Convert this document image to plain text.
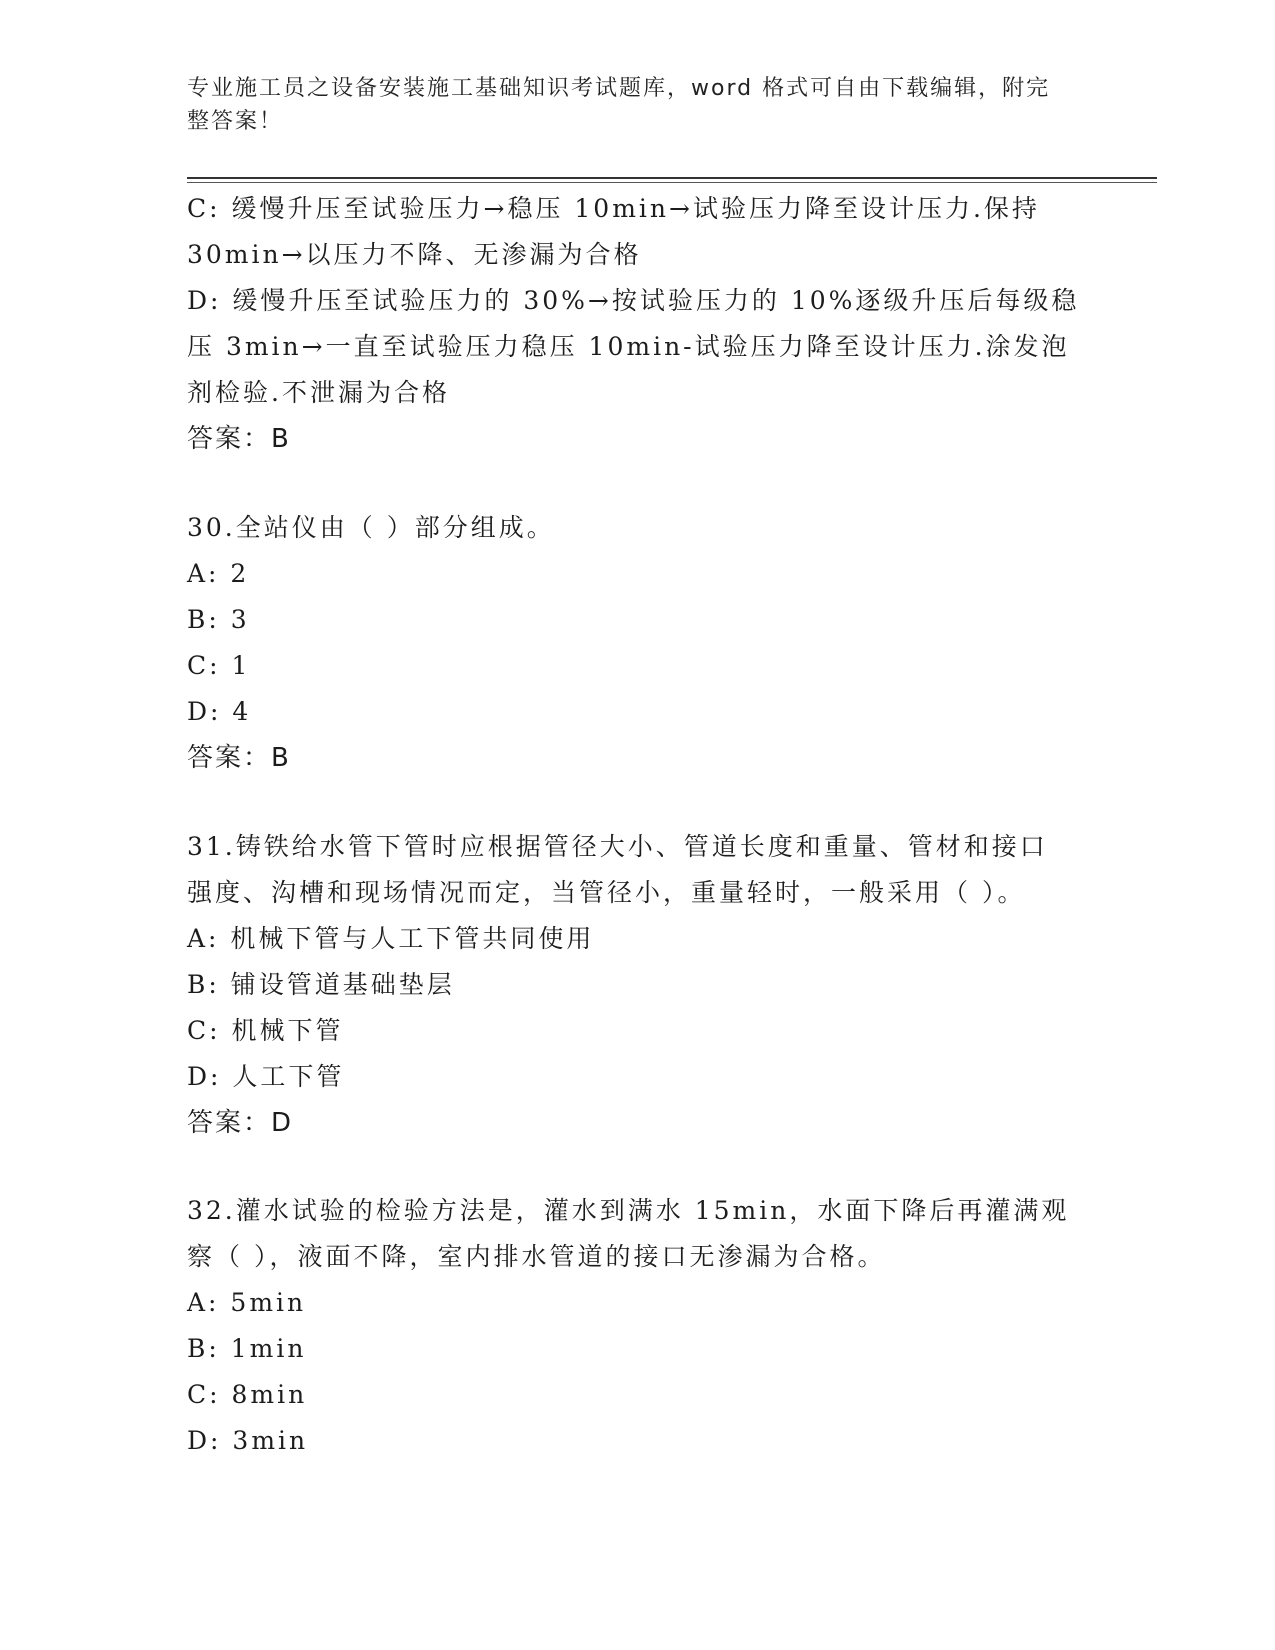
专业施工员之设备安装施工基础知识考试题库，word 格式可自由下载编辑，附完
整答案！
C: 缓慢升压至试验压力→稳压 10min→试验压力降至设计压力.保持
30min→以压力不降、无渗漏为合格
D: 缓慢升压至试验压力的 30%→按试验压力的 10%逐级升压后每级稳
压 3min→一直至试验压力稳压 10min-试验压力降至设计压力.涂发泡
剂检验.不泄漏为合格
答案：B
30.全站仪由（ ）部分组成。
A: 2
B: 3
C: 1
D: 4
答案：B
31.铸铁给水管下管时应根据管径大小、管道长度和重量、管材和接口
强度、沟槽和现场情况而定，当管径小，重量轻时，一般采用（ ）。
A: 机械下管与人工下管共同使用
B: 铺设管道基础垫层
C: 机械下管
D: 人工下管
答案：D
32.灌水试验的检验方法是，灌水到满水 15min，水面下降后再灌满观
察（ ），液面不降，室内排水管道的接口无渗漏为合格。
A: 5min
B: 1min
C: 8min
D: 3min
